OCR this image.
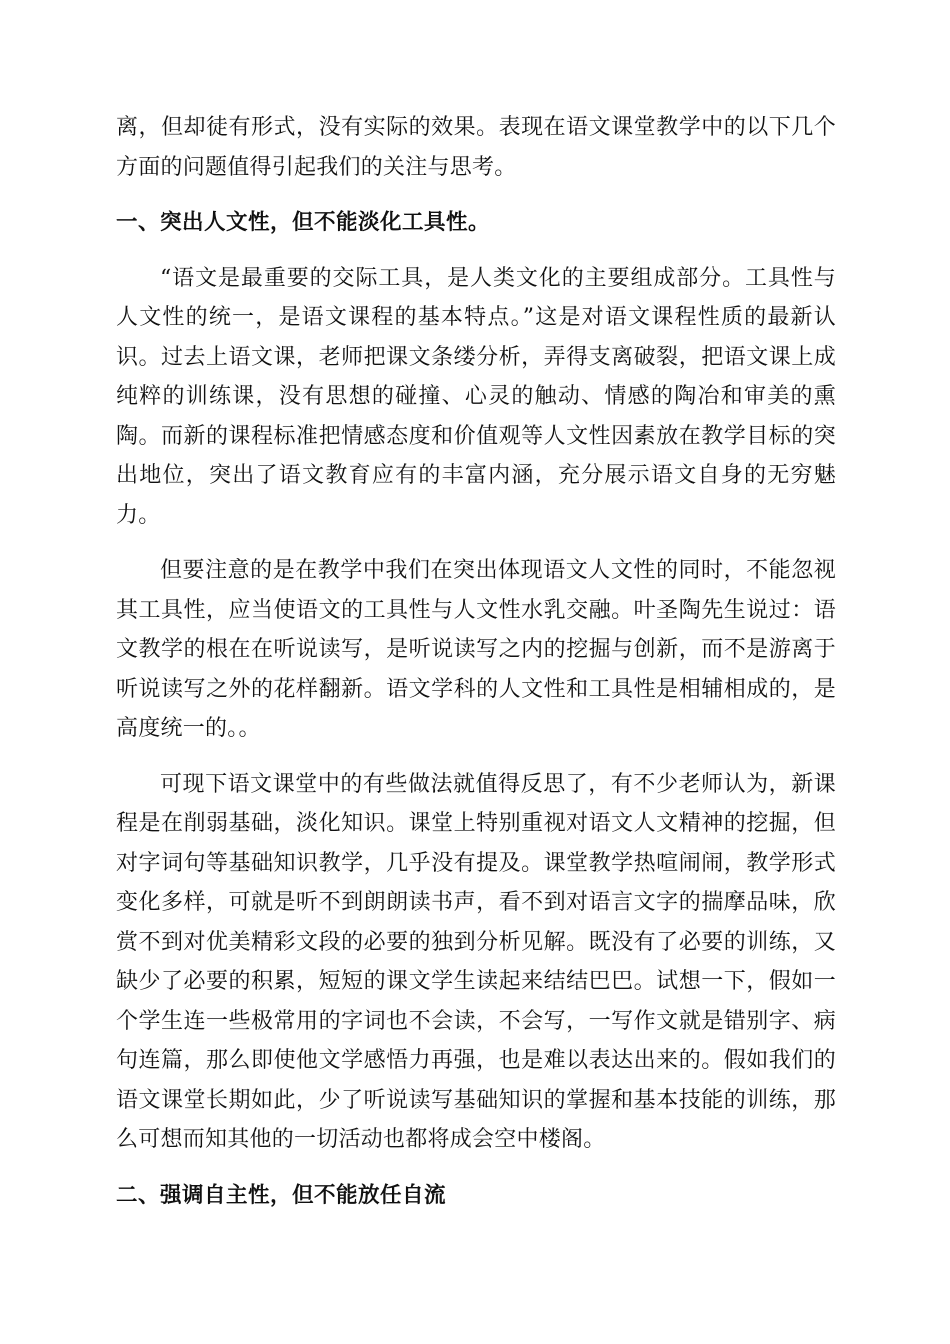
离，但却徒有形式，没有实际的效果。表现在语文课堂教学中的以下几个方面的问题值得引起我们的关注与思考。

一、突出人文性，但不能淡化工具性。

“语文是最重要的交际工具，是人类文化的主要组成部分。工具性与人文性的统一，是语文课程的基本特点。”这是对语文课程性质的最新认识。过去上语文课，老师把课文条缕分析，弄得支离破裂，把语文课上成纯粹的训练课，没有思想的碰撞、心灵的触动、情感的陶冶和审美的熏陶。而新的课程标准把情感态度和价值观等人文性因素放在教学目标的突出地位，突出了语文教育应有的丰富内涵，充分展示语文自身的无穷魅力。

但要注意的是在教学中我们在突出体现语文人文性的同时，不能忽视其工具性，应当使语文的工具性与人文性水乳交融。叶圣陶先生说过：语文教学的根在在听说读写，是听说读写之内的挖掘与创新，而不是游离于听说读写之外的花样翻新。语文学科的人文性和工具性是相辅相成的，是高度统一的。。

可现下语文课堂中的有些做法就值得反思了，有不少老师认为，新课程是在削弱基础，淡化知识。课堂上特别重视对语文人文精神的挖掘，但对字词句等基础知识教学，几乎没有提及。课堂教学热喧闹闹，教学形式变化多样，可就是听不到朗朗读书声，看不到对语言文字的揣摩品味，欣赏不到对优美精彩文段的必要的独到分析见解。既没有了必要的训练，又缺少了必要的积累，短短的课文学生读起来结结巴巴。试想一下，假如一个学生连一些极常用的字词也不会读，不会写，一写作文就是错别字、病句连篇，那么即使他文学感悟力再强，也是难以表达出来的。假如我们的语文课堂长期如此，少了听说读写基础知识的掌握和基本技能的训练，那么可想而知其他的一切活动也都将成会空中楼阁。

二、强调自主性，但不能放任自流
